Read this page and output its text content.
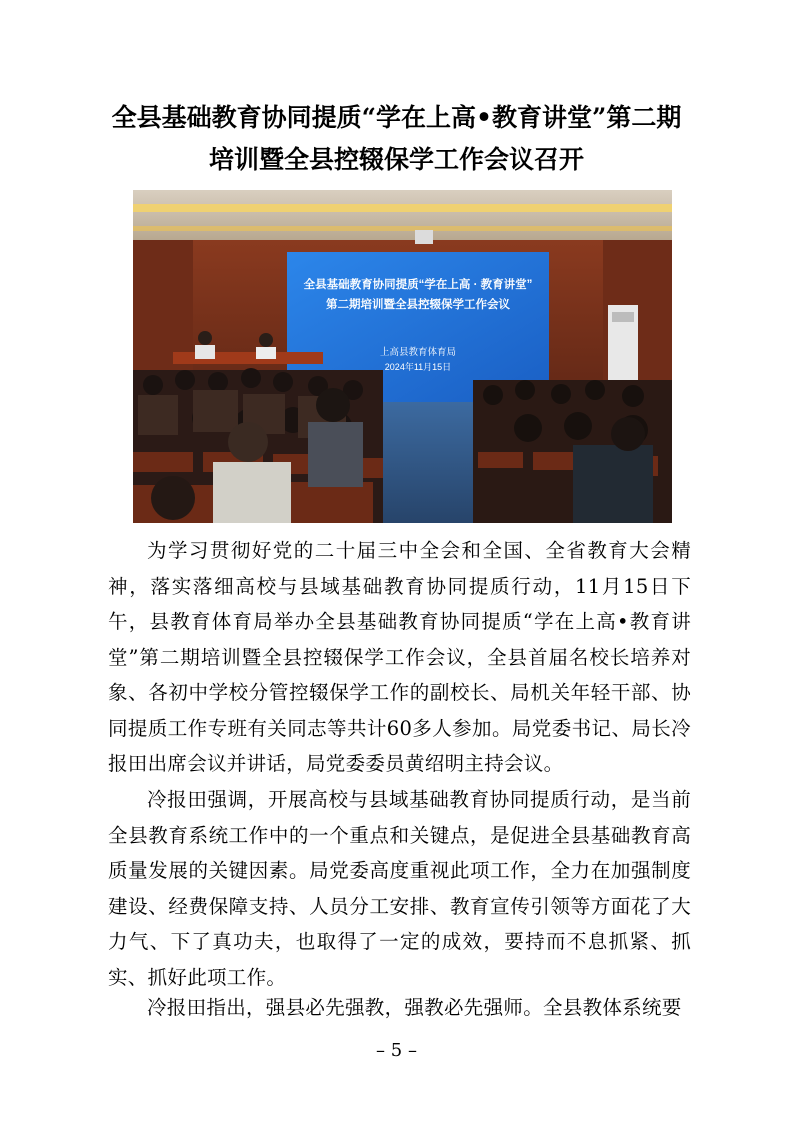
全县基础教育协同提质“学在上高•教育讲堂”第二期
培训暨全县控辍保学工作会议召开
全县基础教育协同提质“学在上高 · 教育讲堂”
第二期培训暨全县控辍保学工作会议
上高县教育体育局
2024年11月15日

为学习贯彻好党的二十届三中全会和全国、全省教育大会精神，落实落细高校与县域基础教育协同提质行动，11月15日下午，县教育体育局举办全县基础教育协同提质“学在上高•教育讲堂”第二期培训暨全县控辍保学工作会议，全县首届名校长培养对象、各初中学校分管控辍保学工作的副校长、局机关年轻干部、协同提质工作专班有关同志等共计60多人参加。局党委书记、局长冷报田出席会议并讲话，局党委委员黄绍明主持会议。

冷报田强调，开展高校与县域基础教育协同提质行动，是当前全县教育系统工作中的一个重点和关键点，是促进全县基础教育高质量发展的关键因素。局党委高度重视此项工作，全力在加强制度建设、经费保障支持、人员分工安排、教育宣传引领等方面花了大力气、下了真功夫，也取得了一定的成效，要持而不息抓紧、抓实、抓好此项工作。

冷报田指出，强县必先强教，强教必先强师。全县教体系统要

– 5 –
